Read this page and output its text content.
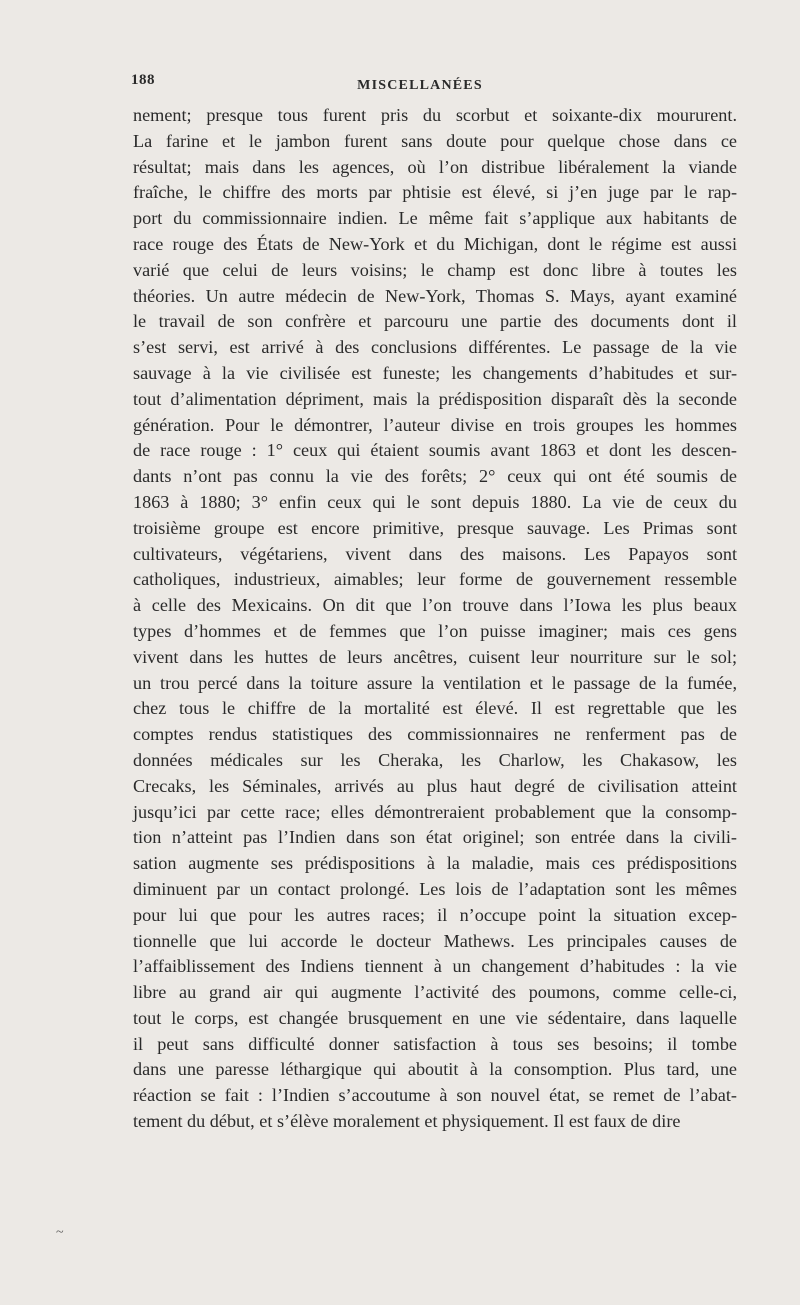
188	MISCELLANÉES
nement; presque tous furent pris du scorbut et soixante-dix moururent.
La farine et le jambon furent sans doute pour quelque chose dans ce
résultat; mais dans les agences, où l’on distribue libéralement la viande
fraîche, le chiffre des morts par phtisie est élevé, si j’en juge par le rap-
port du commissionnaire indien. Le même fait s’applique aux habitants de
race rouge des États de New-York et du Michigan, dont le régime est aussi
varié que celui de leurs voisins; le champ est donc libre à toutes les
théories. Un autre médecin de New-York, Thomas S. Mays, ayant examiné
le travail de son confrère et parcouru une partie des documents dont il
s’est servi, est arrivé à des conclusions différentes. Le passage de la vie
sauvage à la vie civilisée est funeste; les changements d’habitudes et sur-
tout d’alimentation dépriment, mais la prédisposition disparaît dès la seconde
génération. Pour le démontrer, l’auteur divise en trois groupes les hommes
de race rouge : 1° ceux qui étaient soumis avant 1863 et dont les descen-
dants n’ont pas connu la vie des forêts; 2° ceux qui ont été soumis de
1863 à 1880; 3° enfin ceux qui le sont depuis 1880. La vie de ceux du
troisième groupe est encore primitive, presque sauvage. Les Primas sont
cultivateurs, végétariens, vivent dans des maisons. Les Papayos sont
catholiques, industrieux, aimables; leur forme de gouvernement ressemble
à celle des Mexicains. On dit que l’on trouve dans l’Iowa les plus beaux
types d’hommes et de femmes que l’on puisse imaginer; mais ces gens
vivent dans les huttes de leurs ancêtres, cuisent leur nourriture sur le sol;
un trou percé dans la toiture assure la ventilation et le passage de la fumée,
chez tous le chiffre de la mortalité est élevé. Il est regrettable que les
comptes rendus statistiques des commissionnaires ne renferment pas de
données médicales sur les Cheraka, les Charlow, les Chakasow, les
Crecaks, les Séminales, arrivés au plus haut degré de civilisation atteint
jusqu’ici par cette race; elles démontreraient probablement que la consomp-
tion n’atteint pas l’Indien dans son état originel; son entrée dans la civili-
sation augmente ses prédispositions à la maladie, mais ces prédispositions
diminuent par un contact prolongé. Les lois de l’adaptation sont les mêmes
pour lui que pour les autres races; il n’occupe point la situation excep-
tionnelle que lui accorde le docteur Mathews. Les principales causes de
l’affaiblissement des Indiens tiennent à un changement d’habitudes : la vie
libre au grand air qui augmente l’activité des poumons, comme celle-ci,
tout le corps, est changée brusquement en une vie sédentaire, dans laquelle
il peut sans difficulté donner satisfaction à tous ses besoins; il tombe
dans une paresse léthargique qui aboutit à la consomption. Plus tard, une
réaction se fait : l’Indien s’accoutume à son nouvel état, se remet de l’abat-
tement du début, et s’élève moralement et physiquement. Il est faux de dire
~
